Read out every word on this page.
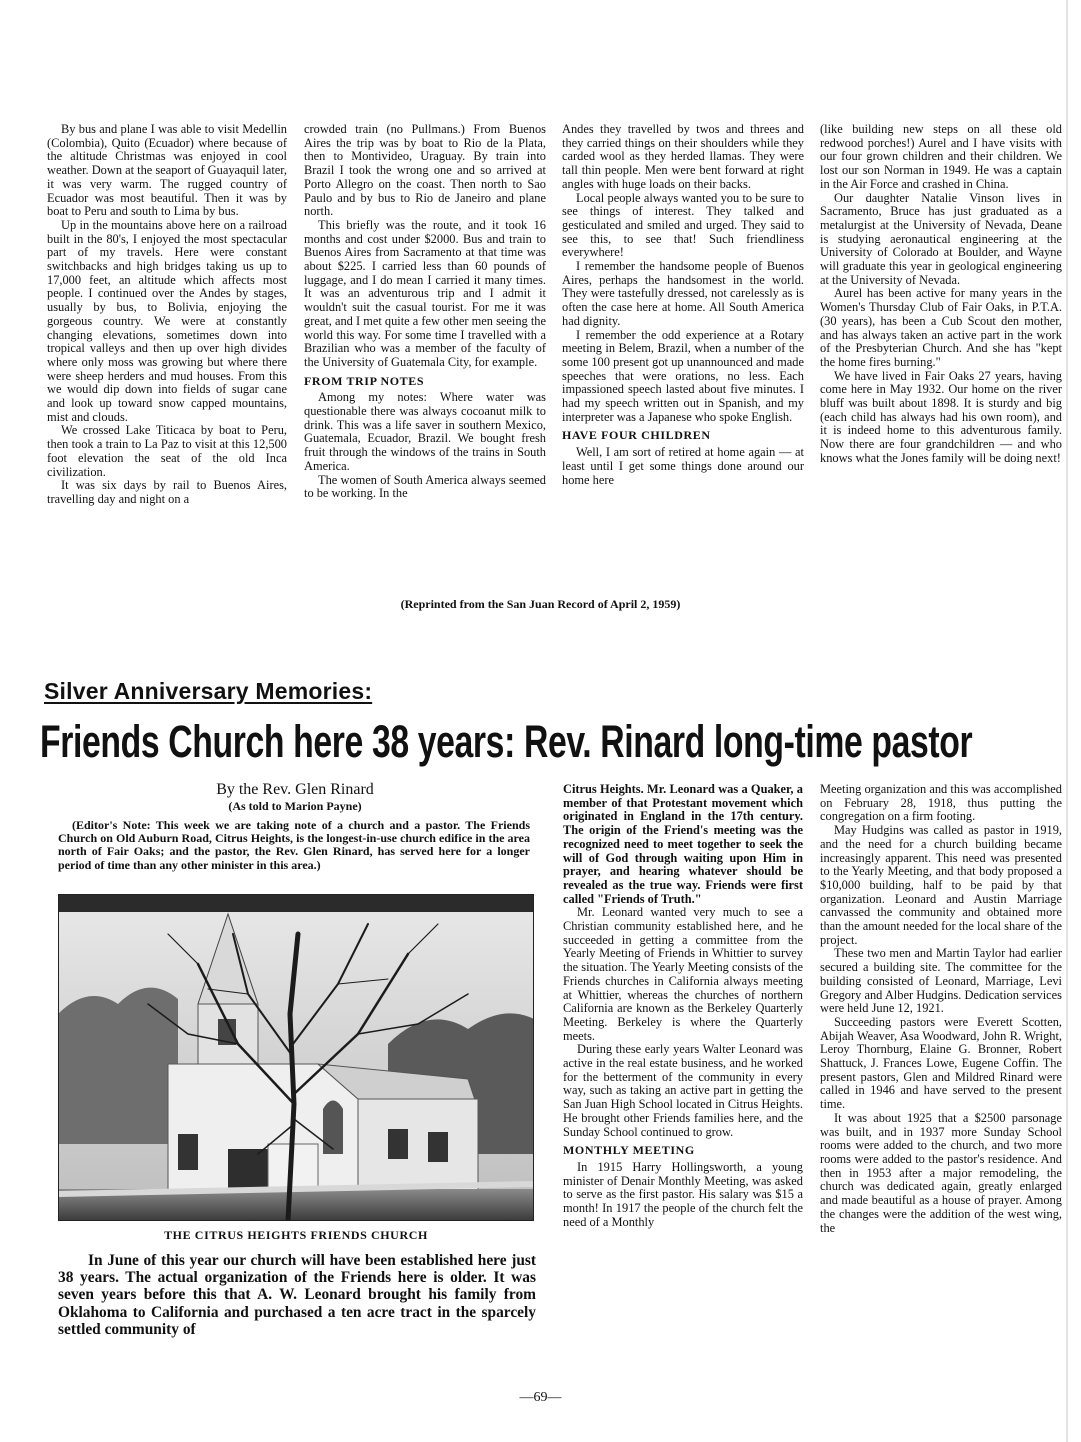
By bus and plane I was able to visit Medellin (Colombia), Quito (Ecuador) where because of the altitude Christmas was enjoyed in cool weather. Down at the seaport of Guayaquil later, it was very warm. The rugged country of Ecuador was most beautiful. Then it was by boat to Peru and south to Lima by bus.

Up in the mountains above here on a railroad built in the 80's, I enjoyed the most spectacular part of my travels. Here were constant switchbacks and high bridges taking us up to 17,000 feet, an altitude which affects most people. I continued over the Andes by stages, usually by bus, to Bolivia, enjoying the gorgeous country. We were at constantly changing elevations, sometimes down into tropical valleys and then up over high divides where only moss was growing but where there were sheep herders and mud houses. From this we would dip down into fields of sugar cane and look up toward snow capped mountains, mist and clouds.

We crossed Lake Titicaca by boat to Peru, then took a train to La Paz to visit at this 12,500 foot elevation the seat of the old Inca civilization.

It was six days by rail to Buenos Aires, travelling day and night on a

crowded train (no Pullmans.) From Buenos Aires the trip was by boat to Rio de la Plata, then to Montivideo, Uraguay. By train into Brazil I took the wrong one and so arrived at Porto Allegro on the coast. Then north to Sao Paulo and by bus to Rio de Janeiro and plane north.

This briefly was the route, and it took 16 months and cost under $2000. Bus and train to Buenos Aires from Sacramento at that time was about $225. I carried less than 60 pounds of luggage, and I do mean I carried it many times. It was an adventurous trip and I admit it wouldn't suit the casual tourist. For me it was great, and I met quite a few other men seeing the world this way. For some time I travelled with a Brazilian who was a member of the faculty of the University of Guatemala City, for example.

FROM TRIP NOTES

Among my notes: Where water was questionable there was always cocoanut milk to drink. This was a life saver in southern Mexico, Guatemala, Ecuador, Brazil. We bought fresh fruit through the windows of the trains in South America.

The women of South America always seemed to be working. In the

Andes they travelled by twos and threes and they carried things on their shoulders while they carded wool as they herded llamas. They were tall thin people. Men were bent forward at right angles with huge loads on their backs.

Local people always wanted you to be sure to see things of interest. They talked and gesticulated and smiled and urged. They said to see this, to see that! Such friendliness everywhere!

I remember the handsome people of Buenos Aires, perhaps the handsomest in the world. They were tastefully dressed, not carelessly as is often the case here at home. All South America had dignity.

I remember the odd experience at a Rotary meeting in Belem, Brazil, when a number of the some 100 present got up unannounced and made speeches that were orations, no less. Each impassioned speech lasted about five minutes. I had my speech written out in Spanish, and my interpreter was a Japanese who spoke English.

HAVE FOUR CHILDREN

Well, I am sort of retired at home again — at least until I get some things done around our home here

(like building new steps on all these old redwood porches!) Aurel and I have visits with our four grown children and their children. We lost our son Norman in 1949. He was a captain in the Air Force and crashed in China.

Our daughter Natalie Vinson lives in Sacramento, Bruce has just graduated as a metalurgist at the University of Nevada, Deane is studying aeronautical engineering at the University of Colorado at Boulder, and Wayne will graduate this year in geological engineering at the University of Nevada.

Aurel has been active for many years in the Women's Thursday Club of Fair Oaks, in P.T.A. (30 years), has been a Cub Scout den mother, and has always taken an active part in the work of the Presbyterian Church. And she has "kept the home fires burning."

We have lived in Fair Oaks 27 years, having come here in May 1932. Our home on the river bluff was built about 1898. It is sturdy and big (each child has always had his own room), and it is indeed home to this adventurous family. Now there are four grandchildren — and who knows what the Jones family will be doing next!

(Reprinted from the San Juan Record of April 2, 1959)
Silver Anniversary Memories:
Friends Church here 38 years: Rev. Rinard long-time pastor
By the Rev. Glen Rinard
(As told to Marion Payne)
(Editor's Note: This week we are taking note of a church and a pastor. The Friends Church on Old Auburn Road, Citrus Heights, is the longest-in-use church edifice in the area north of Fair Oaks; and the pastor, the Rev. Glen Rinard, has served here for a longer period of time than any other minister in this area.)
THE CITRUS HEIGHTS FRIENDS CHURCH
In June of this year our church will have been established here just 38 years. The actual organization of the Friends here is older. It was seven years before this that A. W. Leonard brought his family from Oklahoma to California and purchased a ten acre tract in the sparcely settled community of

Citrus Heights. Mr. Leonard was a Quaker, a member of that Protestant movement which originated in England in the 17th century. The origin of the Friend's meeting was the recognized need to meet together to seek the will of God through waiting upon Him in prayer, and hearing whatever should be revealed as the true way. Friends were first called "Friends of Truth."

Mr. Leonard wanted very much to see a Christian community established here, and he succeeded in getting a committee from the Yearly Meeting of Friends in Whittier to survey the situation. The Yearly Meeting consists of the Friends churches in California always meeting at Whittier, whereas the churches of northern California are known as the Berkeley Quarterly Meeting. Berkeley is where the Quarterly meets.

During these early years Walter Leonard was active in the real estate business, and he worked for the betterment of the community in every way, such as taking an active part in getting the San Juan High School located in Citrus Heights. He brought other Friends families here, and the Sunday School continued to grow.

MONTHLY MEETING

In 1915 Harry Hollingsworth, a young minister of Denair Monthly Meeting, was asked to serve as the first pastor. His salary was $15 a month! In 1917 the people of the church felt the need of a Monthly

Meeting organization and this was accomplished on February 28, 1918, thus putting the congregation on a firm footing.

May Hudgins was called as pastor in 1919, and the need for a church building became increasingly apparent. This need was presented to the Yearly Meeting, and that body proposed a $10,000 building, half to be paid by that organization. Leonard and Austin Marriage canvassed the community and obtained more than the amount needed for the local share of the project.

These two men and Martin Taylor had earlier secured a building site. The committee for the building consisted of Leonard, Marriage, Levi Gregory and Alber Hudgins. Dedication services were held June 12, 1921.

Succeeding pastors were Everett Scotten, Abijah Weaver, Asa Woodward, John R. Wright, Leroy Thornburg, Elaine G. Bronner, Robert Shattuck, J. Frances Lowe, Eugene Coffin. The present pastors, Glen and Mildred Rinard were called in 1946 and have served to the present time.

It was about 1925 that a $2500 parsonage was built, and in 1937 more Sunday School rooms were added to the church, and two more rooms were added to the pastor's residence. And then in 1953 after a major remodeling, the church was dedicated again, greatly enlarged and made beautiful as a house of prayer. Among the changes were the addition of the west wing, the

—69—
